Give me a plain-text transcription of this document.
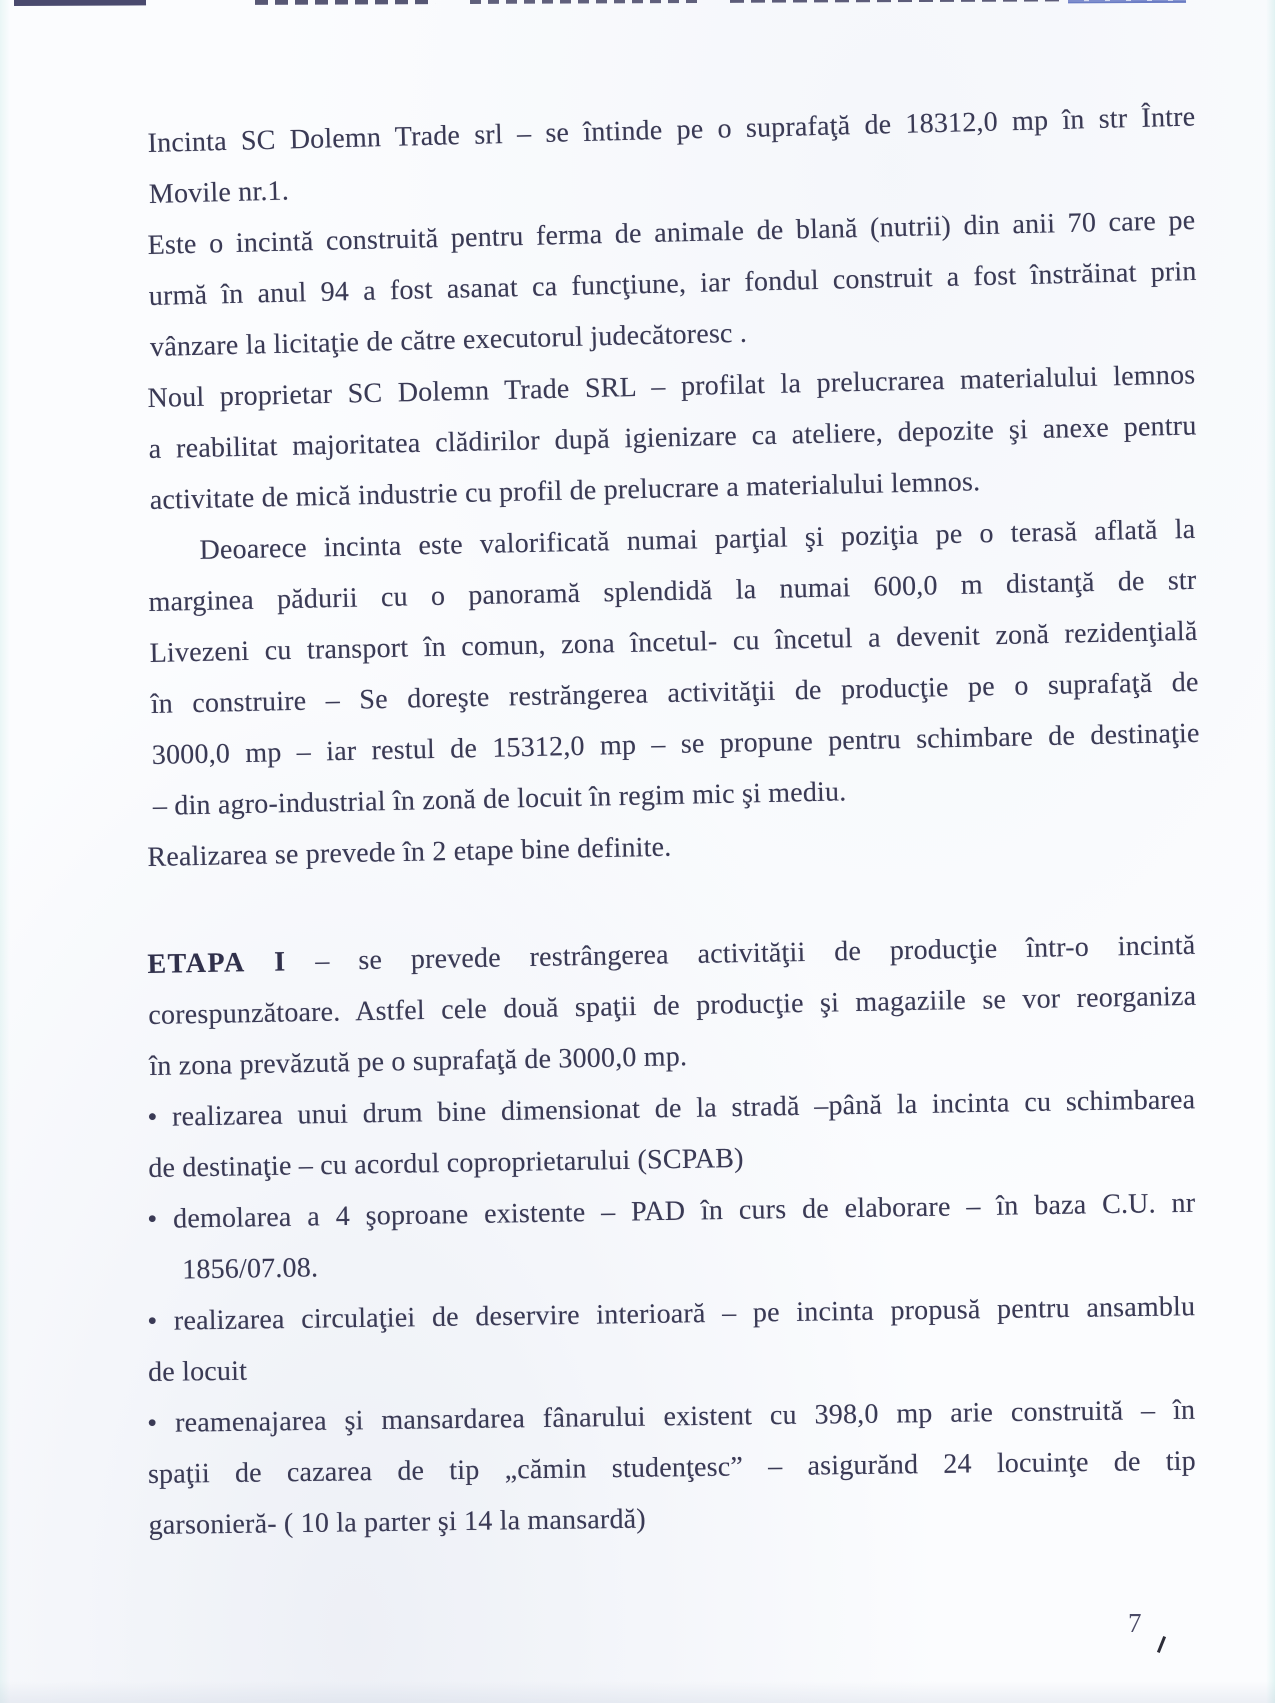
Incinta SC Dolemn Trade srl – se întinde pe o suprafaţă de 18312,0 mp în str Între
Movile nr.1.
Este o incintă construită pentru ferma de animale de blană (nutrii) din anii 70 care pe
urmă în anul 94 a fost asanat ca funcţiune, iar fondul construit a fost înstrăinat prin
vânzare la licitaţie de către executorul judecătoresc .
Noul proprietar SC Dolemn Trade SRL – profilat la prelucrarea materialului lemnos
a reabilitat majoritatea clădirilor după igienizare ca ateliere, depozite şi anexe pentru
activitate de mică industrie cu profil de prelucrare a materialului lemnos.
Deoarece incinta este valorificată numai parţial şi poziţia pe o terasă aflată la
marginea pădurii cu o panoramă splendidă la numai 600,0 m distanţă de str
Livezeni cu transport în comun, zona încetul- cu încetul a devenit zonă rezidenţială
în construire – Se doreşte restrăngerea activităţii de producţie pe o suprafaţă de
3000,0 mp – iar restul de 15312,0 mp – se propune pentru schimbare de destinaţie
– din agro-industrial în zonă de locuit în regim mic şi mediu.
Realizarea se prevede în 2 etape bine definite.
ETAPA I – se prevede restrângerea activităţii de producţie într-o incintă
corespunzătoare. Astfel cele două spaţii de producţie şi magaziile se vor reorganiza
în zona prevăzută pe o suprafaţă de 3000,0 mp.
• realizarea unui drum bine dimensionat de la stradă –până la incinta cu schimbarea
de destinaţie – cu acordul coproprietarului (SCPAB)
• demolarea a 4 şoproane existente – PAD în curs de elaborare – în baza C.U. nr
1856/07.08.
• realizarea circulaţiei de deservire interioară – pe incinta propusă pentru ansamblu
de locuit
• reamenajarea şi mansardarea fânarului existent cu 398,0 mp arie construită – în
spaţii de cazarea de tip „cămin studenţesc” – asigurănd 24 locuinţe de tip
garsonieră- ( 10 la parter şi 14 la mansardă)
7
